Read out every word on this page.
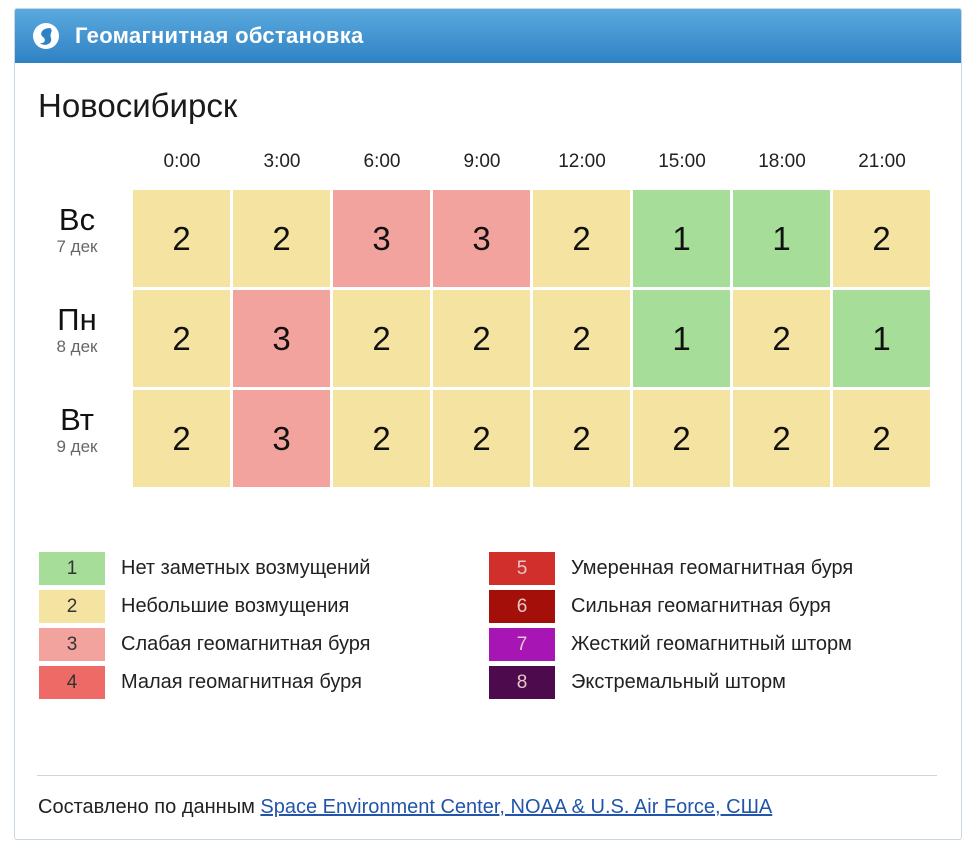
Геомагнитная обстановка
Новосибирск
0:00	3:00	6:00	9:00	12:00	15:00	18:00	21:00
Вс
7 дек	2	2	3	3	2	1	1	2
Пн
8 дек	2	3	2	2	2	1	2	1
Вт
9 дек	2	3	2	2	2	2	2	2
1	Нет заметных возмущений
2	Небольшие возмущения
3	Слабая геомагнитная буря
4	Малая геомагнитная буря
5	Умеренная геомагнитная буря
6	Сильная геомагнитная буря
7	Жесткий геомагнитный шторм
8	Экстремальный шторм
Составлено по данным Space Environment Center, NOAA & U.S. Air Force, США
